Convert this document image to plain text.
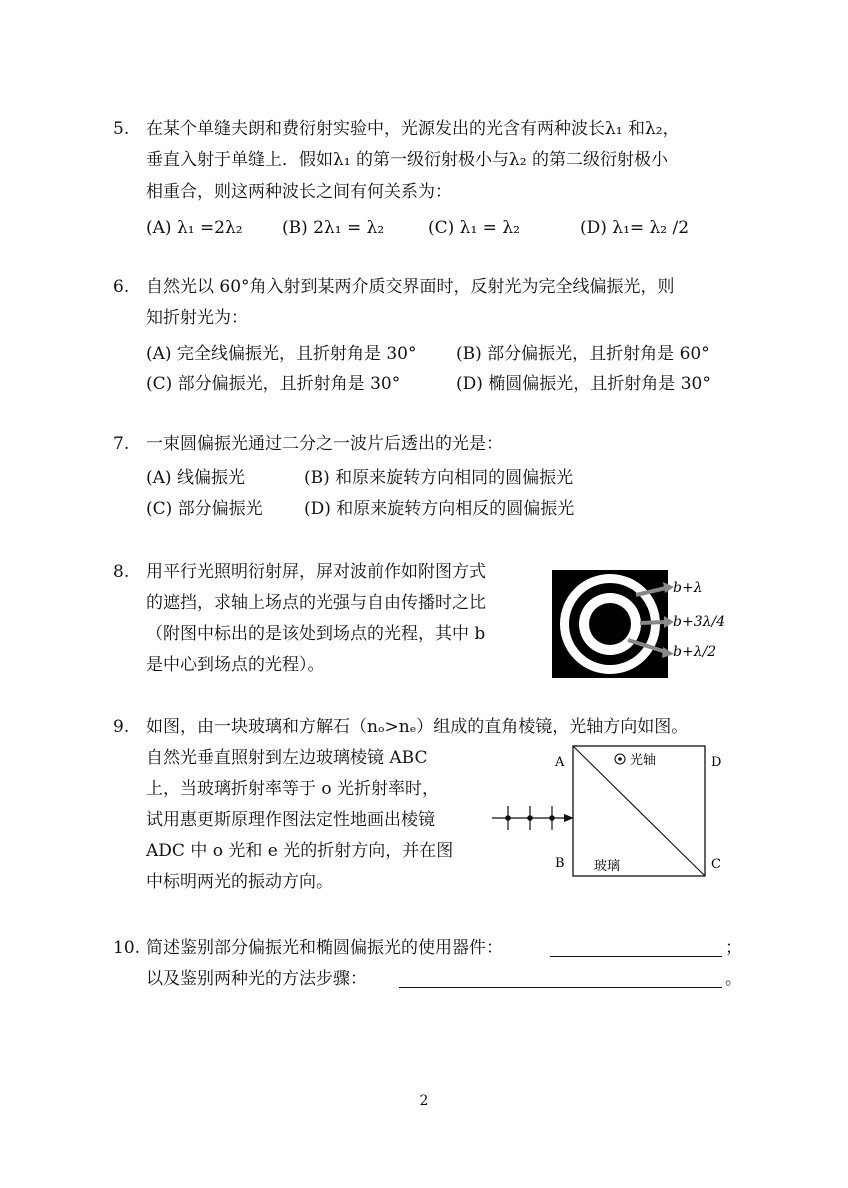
5. 在某个单缝夫朗和费衍射实验中，光源发出的光含有两种波长λ₁ 和λ₂，
垂直入射于单缝上．假如λ₁ 的第一级衍射极小与λ₂ 的第二级衍射极小
相重合，则这两种波长之间有何关系为：
(A) λ₁ =2λ₂ (B) 2λ₁ = λ₂	(C) λ₁ = λ₂	(D) λ₁= λ₂ /2
6. 自然光以 60°角入射到某两介质交界面时，反射光为完全线偏振光，则
知折射光为：
(A) 完全线偏振光，且折射角是 30° (B) 部分偏振光，且折射角是 60°
(C) 部分偏振光，且折射角是 30°	(D) 椭圆偏振光，且折射角是 30°
7. 一束圆偏振光通过二分之一波片后透出的光是：
(A) 线偏振光	(B) 和原来旋转方向相同的圆偏振光
(C) 部分偏振光 (D) 和原来旋转方向相反的圆偏振光
8. 用平行光照明衍射屏，屏对波前作如附图方式
的遮挡，求轴上场点的光强与自由传播时之比
（附图中标出的是该处到场点的光程，其中 b
是中心到场点的光程）。
b+λ
b+3λ/4
b+λ/2
9. 如图，由一块玻璃和方解石（nₒ>nₑ）组成的直角棱镜，光轴方向如图。
自然光垂直照射到左边玻璃棱镜 ABC
上，当玻璃折射率等于 o 光折射率时，
试用惠更斯原理作图法定性地画出棱镜
ADC 中 o 光和 e 光的折射方向，并在图
中标明两光的振动方向。
A
B	C
D
光轴
玻璃
10. 简述鉴别部分偏振光和椭圆偏振光的使用器件：	；
以及鉴别两种光的方法步骤：	。
2
